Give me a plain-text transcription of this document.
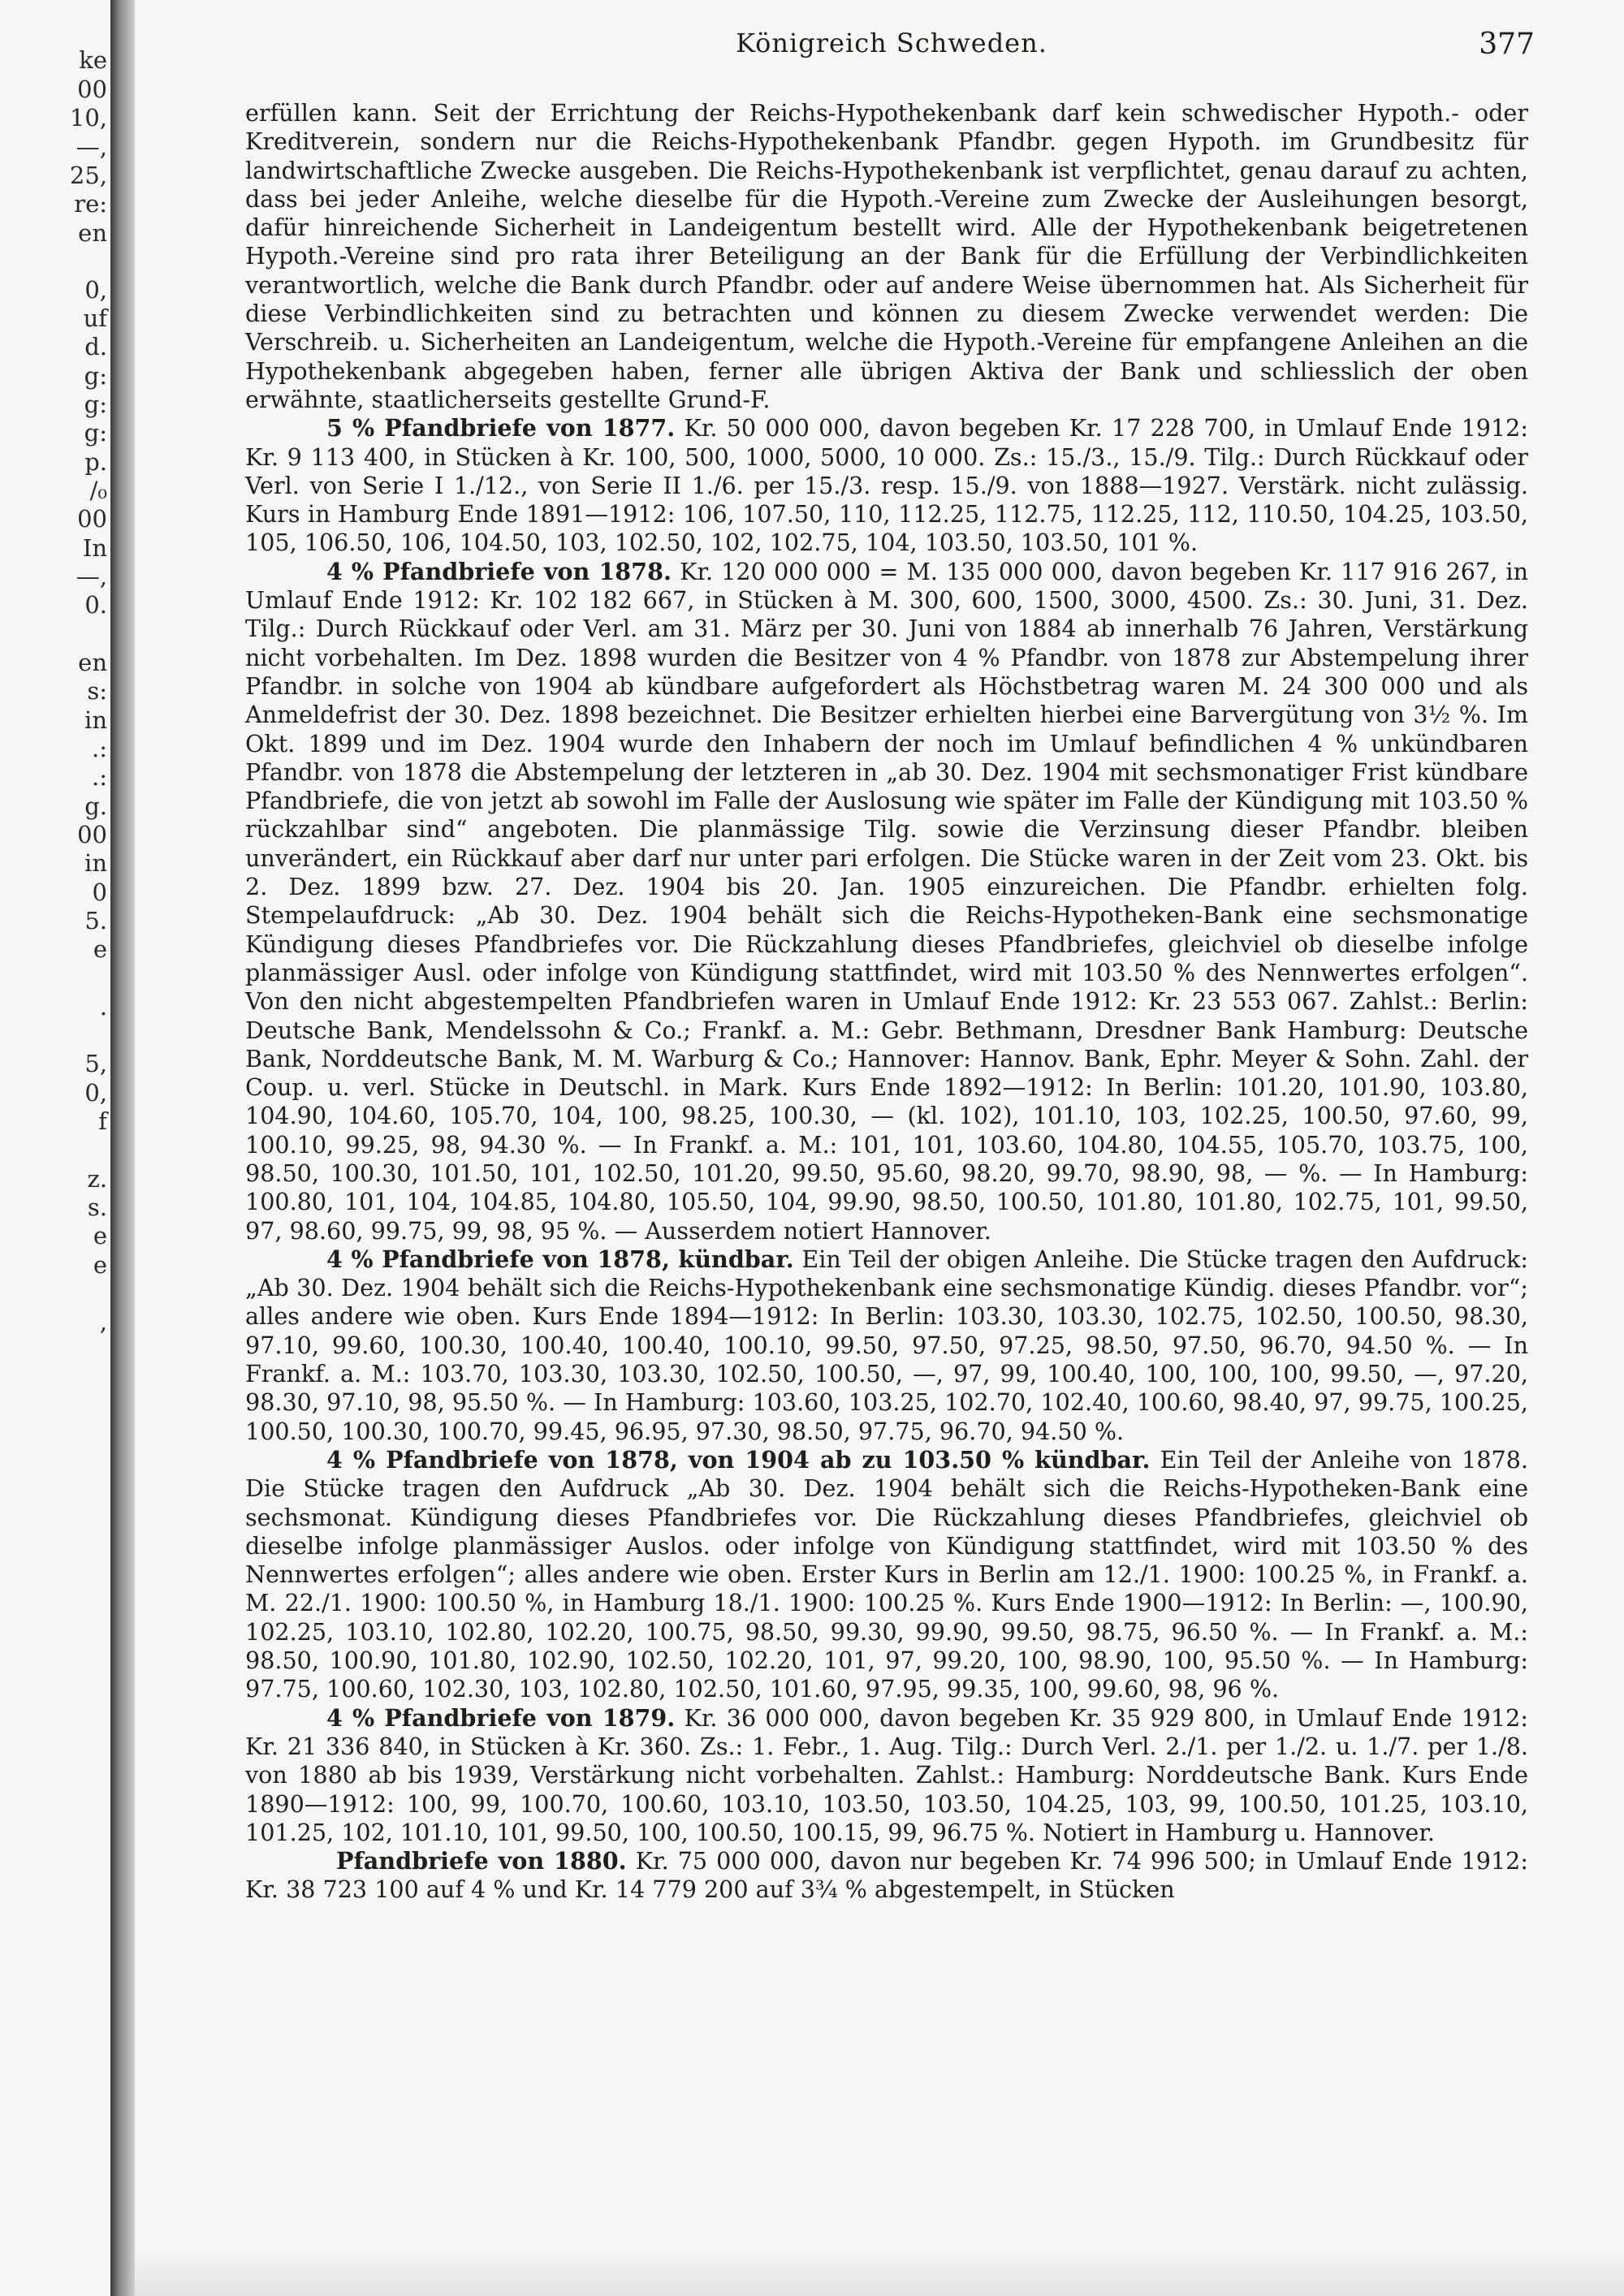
ke
00
10,
—,
25,
re:
en
0,
uf
d.
g:
g:
g:
p.
/₀
00
In
—,
0.
en
s:
in
.:
.:
g.
00
in
0
5.
e
.
5,
0,
f
z.
s.
e
e
,
Königreich Schweden.	377

erfüllen kann. Seit der Errichtung der Reichs-Hypothekenbank darf kein schwedischer Hypoth.- oder Kreditverein, sondern nur die Reichs-Hypothekenbank Pfandbr. gegen Hypoth. im Grundbesitz für landwirtschaftliche Zwecke ausgeben. Die Reichs-Hypothekenbank ist verpflichtet, genau darauf zu achten, dass bei jeder Anleihe, welche dieselbe für die Hypoth.-Vereine zum Zwecke der Ausleihungen besorgt, dafür hinreichende Sicherheit in Landeigentum bestellt wird. Alle der Hypothekenbank beigetretenen Hypoth.-Vereine sind pro rata ihrer Beteiligung an der Bank für die Erfüllung der Verbindlichkeiten verantwortlich, welche die Bank durch Pfandbr. oder auf andere Weise übernommen hat. Als Sicherheit für diese Verbindlichkeiten sind zu betrachten und können zu diesem Zwecke verwendet werden: Die Verschreib. u. Sicherheiten an Landeigentum, welche die Hypoth.-Vereine für empfangene Anleihen an die Hypothekenbank abgegeben haben, ferner alle übrigen Aktiva der Bank und schliesslich der oben erwähnte, staatlicherseits gestellte Grund-F.

5 % Pfandbriefe von 1877. Kr. 50 000 000, davon begeben Kr. 17 228 700, in Umlauf Ende 1912: Kr. 9 113 400, in Stücken à Kr. 100, 500, 1000, 5000, 10 000. Zs.: 15./3., 15./9. Tilg.: Durch Rückkauf oder Verl. von Serie I 1./12., von Serie II 1./6. per 15./3. resp. 15./9. von 1888—1927. Verstärk. nicht zulässig. Kurs in Hamburg Ende 1891—1912: 106, 107.50, 110, 112.25, 112.75, 112.25, 112, 110.50, 104.25, 103.50, 105, 106.50, 106, 104.50, 103, 102.50, 102, 102.75, 104, 103.50, 103.50, 101 %.

4 % Pfandbriefe von 1878. Kr. 120 000 000 = M. 135 000 000, davon begeben Kr. 117 916 267, in Umlauf Ende 1912: Kr. 102 182 667, in Stücken à M. 300, 600, 1500, 3000, 4500. Zs.: 30. Juni, 31. Dez. Tilg.: Durch Rückkauf oder Verl. am 31. März per 30. Juni von 1884 ab innerhalb 76 Jahren, Verstärkung nicht vorbehalten. Im Dez. 1898 wurden die Besitzer von 4 % Pfandbr. von 1878 zur Abstempelung ihrer Pfandbr. in solche von 1904 ab kündbare aufgefordert als Höchstbetrag waren M. 24 300 000 und als Anmeldefrist der 30. Dez. 1898 bezeichnet. Die Besitzer erhielten hierbei eine Barvergütung von 3½ %. Im Okt. 1899 und im Dez. 1904 wurde den Inhabern der noch im Umlauf befindlichen 4 % unkündbaren Pfandbr. von 1878 die Abstempelung der letzteren in „ab 30. Dez. 1904 mit sechsmonatiger Frist kündbare Pfandbriefe, die von jetzt ab sowohl im Falle der Auslosung wie später im Falle der Kündigung mit 103.50 % rückzahlbar sind“ angeboten. Die planmässige Tilg. sowie die Verzinsung dieser Pfandbr. bleiben unverändert, ein Rückkauf aber darf nur unter pari erfolgen. Die Stücke waren in der Zeit vom 23. Okt. bis 2. Dez. 1899 bzw. 27. Dez. 1904 bis 20. Jan. 1905 einzureichen. Die Pfandbr. erhielten folg. Stempelaufdruck: „Ab 30. Dez. 1904 behält sich die Reichs-Hypotheken-Bank eine sechsmonatige Kündigung dieses Pfandbriefes vor. Die Rückzahlung dieses Pfandbriefes, gleichviel ob dieselbe infolge planmässiger Ausl. oder infolge von Kündigung stattfindet, wird mit 103.50 % des Nennwertes erfolgen“. Von den nicht abgestempelten Pfandbriefen waren in Umlauf Ende 1912: Kr. 23 553 067. Zahlst.: Berlin: Deutsche Bank, Mendelssohn & Co.; Frankf. a. M.: Gebr. Bethmann, Dresdner Bank Hamburg: Deutsche Bank, Norddeutsche Bank, M. M. Warburg & Co.; Hannover: Hannov. Bank, Ephr. Meyer & Sohn. Zahl. der Coup. u. verl. Stücke in Deutschl. in Mark. Kurs Ende 1892—1912: In Berlin: 101.20, 101.90, 103.80, 104.90, 104.60, 105.70, 104, 100, 98.25, 100.30, — (kl. 102), 101.10, 103, 102.25, 100.50, 97.60, 99, 100.10, 99.25, 98, 94.30 %. — In Frankf. a. M.: 101, 101, 103.60, 104.80, 104.55, 105.70, 103.75, 100, 98.50, 100.30, 101.50, 101, 102.50, 101.20, 99.50, 95.60, 98.20, 99.70, 98.90, 98, — %. — In Hamburg: 100.80, 101, 104, 104.85, 104.80, 105.50, 104, 99.90, 98.50, 100.50, 101.80, 101.80, 102.75, 101, 99.50, 97, 98.60, 99.75, 99, 98, 95 %. — Ausserdem notiert Hannover.

4 % Pfandbriefe von 1878, kündbar. Ein Teil der obigen Anleihe. Die Stücke tragen den Aufdruck: „Ab 30. Dez. 1904 behält sich die Reichs-Hypothekenbank eine sechsmonatige Kündig. dieses Pfandbr. vor“; alles andere wie oben. Kurs Ende 1894—1912: In Berlin: 103.30, 103.30, 102.75, 102.50, 100.50, 98.30, 97.10, 99.60, 100.30, 100.40, 100.40, 100.10, 99.50, 97.50, 97.25, 98.50, 97.50, 96.70, 94.50 %. — In Frankf. a. M.: 103.70, 103.30, 103.30, 102.50, 100.50, —, 97, 99, 100.40, 100, 100, 100, 99.50, —, 97.20, 98.30, 97.10, 98, 95.50 %. — In Hamburg: 103.60, 103.25, 102.70, 102.40, 100.60, 98.40, 97, 99.75, 100.25, 100.50, 100.30, 100.70, 99.45, 96.95, 97.30, 98.50, 97.75, 96.70, 94.50 %.

4 % Pfandbriefe von 1878, von 1904 ab zu 103.50 % kündbar. Ein Teil der Anleihe von 1878. Die Stücke tragen den Aufdruck „Ab 30. Dez. 1904 behält sich die Reichs-Hypotheken-Bank eine sechsmonat. Kündigung dieses Pfandbriefes vor. Die Rückzahlung dieses Pfandbriefes, gleichviel ob dieselbe infolge planmässiger Auslos. oder infolge von Kündigung stattfindet, wird mit 103.50 % des Nennwertes erfolgen“; alles andere wie oben. Erster Kurs in Berlin am 12./1. 1900: 100.25 %, in Frankf. a. M. 22./1. 1900: 100.50 %, in Hamburg 18./1. 1900: 100.25 %. Kurs Ende 1900—1912: In Berlin: —, 100.90, 102.25, 103.10, 102.80, 102.20, 100.75, 98.50, 99.30, 99.90, 99.50, 98.75, 96.50 %. — In Frankf. a. M.: 98.50, 100.90, 101.80, 102.90, 102.50, 102.20, 101, 97, 99.20, 100, 98.90, 100, 95.50 %. — In Hamburg: 97.75, 100.60, 102.30, 103, 102.80, 102.50, 101.60, 97.95, 99.35, 100, 99.60, 98, 96 %.

4 % Pfandbriefe von 1879. Kr. 36 000 000, davon begeben Kr. 35 929 800, in Umlauf Ende 1912: Kr. 21 336 840, in Stücken à Kr. 360. Zs.: 1. Febr., 1. Aug. Tilg.: Durch Verl. 2./1. per 1./2. u. 1./7. per 1./8. von 1880 ab bis 1939, Verstärkung nicht vorbehalten. Zahlst.: Hamburg: Norddeutsche Bank. Kurs Ende 1890—1912: 100, 99, 100.70, 100.60, 103.10, 103.50, 103.50, 104.25, 103, 99, 100.50, 101.25, 103.10, 101.25, 102, 101.10, 101, 99.50, 100, 100.50, 100.15, 99, 96.75 %. Notiert in Hamburg u. Hannover.

Pfandbriefe von 1880. Kr. 75 000 000, davon nur begeben Kr. 74 996 500; in Umlauf Ende 1912: Kr. 38 723 100 auf 4 % und Kr. 14 779 200 auf 3¾ % abgestempelt, in Stücken
